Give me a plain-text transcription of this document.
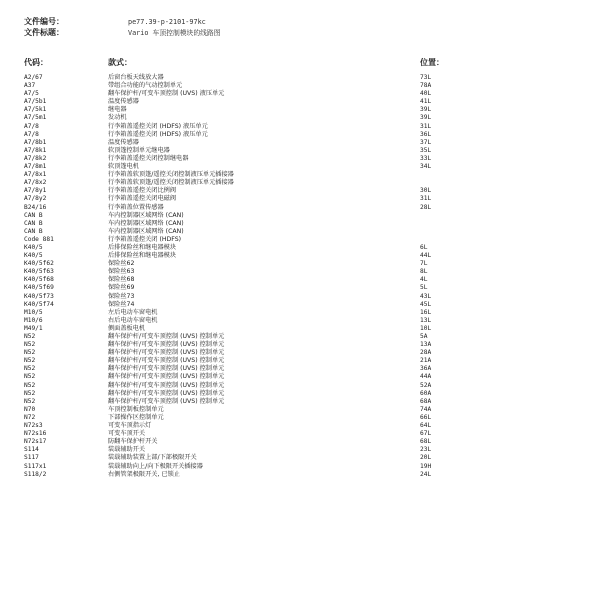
文件编号：	pe77.39-p-2101-97kc
文件标题：	Vario 车顶控制模块的线路图
代码：	款式：	位置：
A2/67	后窗台板天线放大器	73L
A37	带组合功能的气动控制单元	78A
A7/5	翻车保护杆/可变车顶控制 (UVS) 液压单元	40L
A7/5b1	温度传感器	41L
A7/5k1	继电器	39L
A7/5m1	发动机	39L
A7/8	行李箱盖遥控关闭 (HDFS) 液压单元	31L
A7/8	行李箱盖遥控关闭 (HDFS) 液压单元	36L
A7/8b1	温度传感器	37L
A7/8k1	软顶篷控制单元继电器	35L
A7/8k2	行李箱盖遥控关闭控制继电器	33L
A7/8m1	软顶篷电机	34L
A7/8x1	行李箱盖软顶篷/遥控关闭控制液压单元插接器
A7/8x2	行李箱盖软顶篷/遥控关闭控制液压单元插接器
A7/8y1	行李箱盖遥控关闭比例阀	30L
A7/8y2	行李箱盖遥控关闭电磁阀	31L
B24/16	行李箱盖位置传感器	28L
CAN B	车内控制器区域网络 (CAN)
CAN B	车内控制器区域网络 (CAN)
CAN B	车内控制器区域网络 (CAN)
Code 881	行李箱盖遥控关闭 (HDFS)
K40/5	后排保险丝和继电器模块	6L
K40/5	后排保险丝和继电器模块	44L
K40/5f62	保险丝62	7L
K40/5f63	保险丝63	8L
K40/5f68	保险丝68	4L
K40/5f69	保险丝69	5L
K40/5f73	保险丝73	43L
K40/5f74	保险丝74	45L
M10/5	左后电动车窗电机	16L
M10/6	右后电动车窗电机	13L
M49/1	侧面盖板电机	10L
N52	翻车保护杆/可变车顶控制 (UVS) 控制单元	5A
N52	翻车保护杆/可变车顶控制 (UVS) 控制单元	13A
N52	翻车保护杆/可变车顶控制 (UVS) 控制单元	28A
N52	翻车保护杆/可变车顶控制 (UVS) 控制单元	21A
N52	翻车保护杆/可变车顶控制 (UVS) 控制单元	36A
N52	翻车保护杆/可变车顶控制 (UVS) 控制单元	44A
N52	翻车保护杆/可变车顶控制 (UVS) 控制单元	52A
N52	翻车保护杆/可变车顶控制 (UVS) 控制单元	60A
N52	翻车保护杆/可变车顶控制 (UVS) 控制单元	68A
N70	车顶控制板控制单元	74A
N72	下部操作区控制单元	66L
N72s3	可变车顶指示灯	64L
N72s16	可变车顶开关	67L
N72s17	防翻车保护杆开关	68L
S114	装载辅助开关	23L
S117	装载辅助装置上部/下部极限开关	20L
S117x1	装载辅助向上/向下极限开关插接器	19H
S118/2	右侧管架极限开关, 已锁止	24L
